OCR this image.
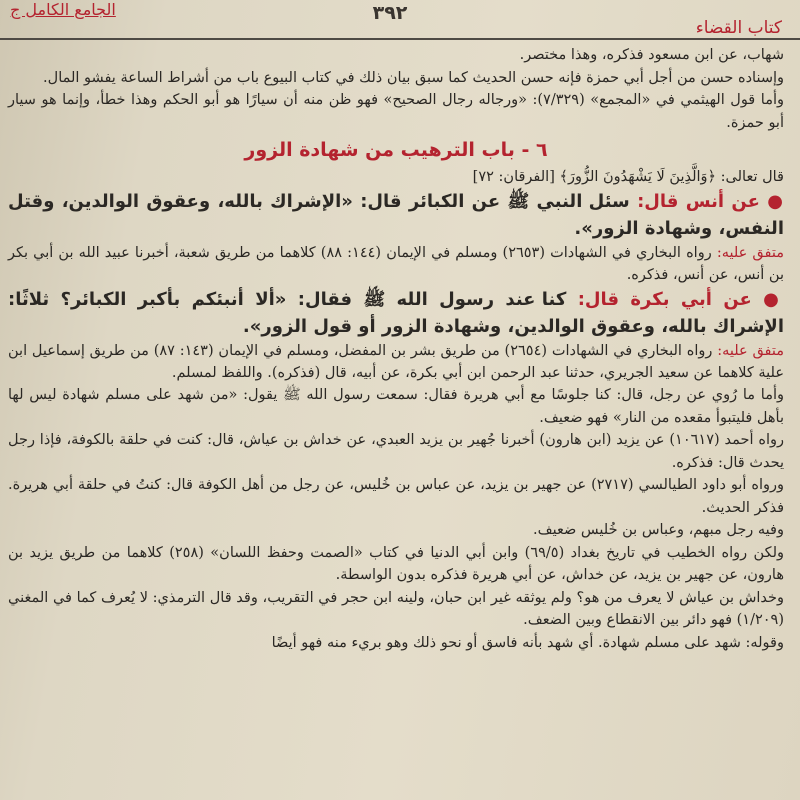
الجامع الكامل ج	٣٩٢
كتاب القضاء

شهاب، عن ابن مسعود فذكره، وهذا مختصر.

وإسناده حسن من أجل أبي حمزة فإنه حسن الحديث كما سبق بيان ذلك في كتاب البيوع باب من أشراط الساعة يفشو المال.

وأما قول الهيثمي في «المجمع» (٧/٣٢٩): «ورجاله رجال الصحيح» فهو ظن منه أن سيارًا هو أبو الحكم وهذا خطأ، وإنما هو سيار أبو حمزة.

٦ - باب الترهيب من شهادة الزور

قال تعالى: ﴿وَالَّذِينَ لَا يَشْهَدُونَ الزُّورَ﴾ [الفرقان: ٧٢]

● عن أنس قال: سئل النبي ﷺ عن الكبائر قال: «الإشراك بالله، وعقوق الوالدين، وقتل النفس، وشهادة الزور».

متفق عليه: رواه البخاري في الشهادات (٢٦٥٣) ومسلم في الإيمان (١٤٤: ٨٨) كلاهما من طريق شعبة، أخبرنا عبيد الله بن أبي بكر بن أنس، عن أنس، فذكره.

● عن أبي بكرة قال: كنا عند رسول الله ﷺ فقال: «ألا أنبئكم بأكبر الكبائر؟ ثلاثًا: الإشراك بالله، وعقوق الوالدين، وشهادة الزور أو قول الزور».

متفق عليه: رواه البخاري في الشهادات (٢٦٥٤) من طريق بشر بن المفضل، ومسلم في الإيمان (١٤٣: ٨٧) من طريق إسماعيل ابن علية كلاهما عن سعيد الجريري، حدثنا عبد الرحمن ابن أبي بكرة، عن أبيه، قال (فذكره). واللفظ لمسلم.

وأما ما رُوي عن رجل، قال: كنا جلوسًا مع أبي هريرة فقال: سمعت رسول الله ﷺ يقول: «من شهد على مسلم شهادة ليس لها بأهل فليتبوأ مقعده من النار» فهو ضعيف.

رواه أحمد (١٠٦١٧) عن يزيد (ابن هارون) أخبرنا جُهير بن يزيد العبدي، عن خداش بن عياش، قال: كنت في حلقة بالكوفة، فإذا رجل يحدث قال: فذكره.

ورواه أبو داود الطيالسي (٢٧١٧) عن جهير بن يزيد، عن عباس بن خُليس، عن رجل من أهل الكوفة قال: كنتُ في حلقة أبي هريرة. فذكر الحديث.

وفيه رجل مبهم، وعباس بن خُليس ضعيف.

ولكن رواه الخطيب في تاريخ بغداد (٦٩/٥) وابن أبي الدنيا في كتاب «الصمت وحفظ اللسان» (٢٥٨) كلاهما من طريق يزيد بن هارون، عن جهير بن يزيد، عن خداش، عن أبي هريرة فذكره بدون الواسطة.

وخداش بن عياش لا يعرف من هو؟ ولم يوثقه غير ابن حبان، ولينه ابن حجر في التقريب، وقد قال الترمذي: لا يُعرف كما في المغني (١/٢٠٩) فهو دائر بين الانقطاع وبين الضعف.

وقوله: شهد على مسلم شهادة. أي شهد بأنه فاسق أو نحو ذلك وهو بريء منه فهو أيضًا
